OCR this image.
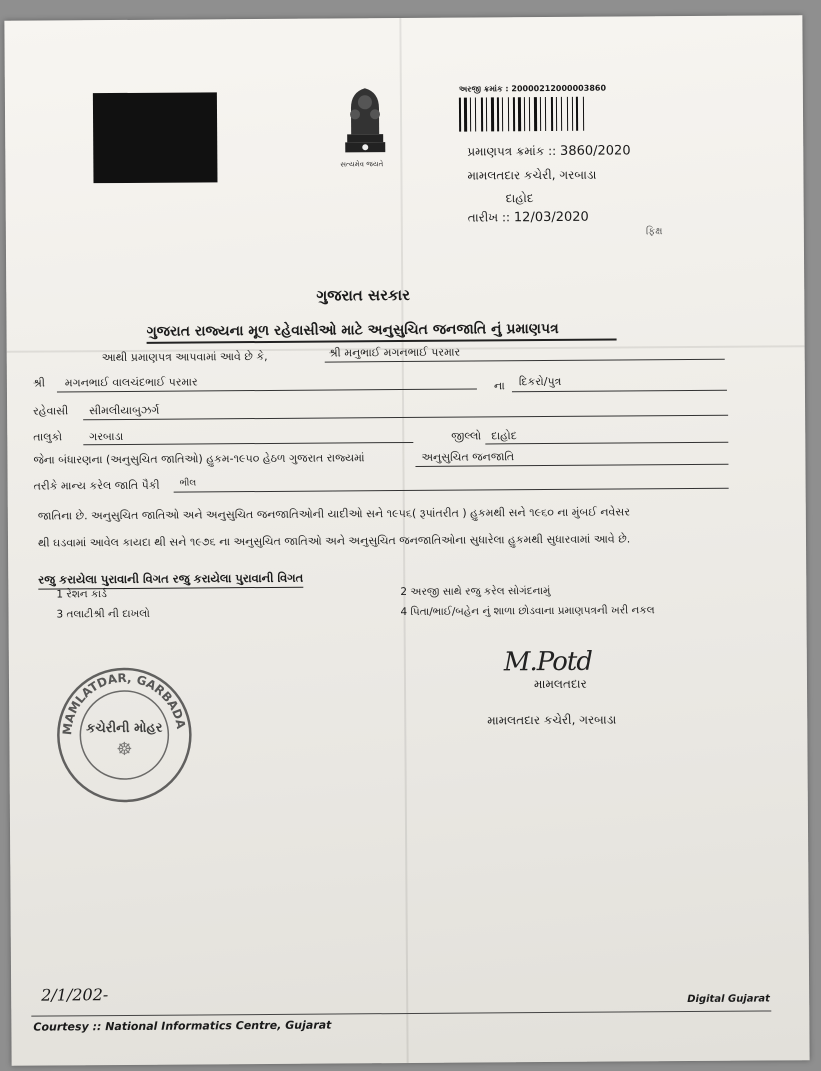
સત્યમેવ જયતે
અરજી ક્રમાંક : 20000212000003860
પ્રમાણપત્ર ક્રમાંક :: 3860/2020
મામલતદાર કચેરી, ગરબાડા
દાહોદ
તારીખ :: 12/03/2020
ફિક્ષ
ગુજરાત સરકાર
ગુજરાત રાજ્યના મૂળ રહેવાસીઓ માટે અનુસુચિત જનજાતિ નું પ્રમાણપત્ર
આથી પ્રમાણપત્ર આપવામાં આવે છે કે,	શ્રી મનુભાઈ મગનભાઈ પરમાર
શ્રી મગનભાઈ વાલચંદભાઈ પરમાર	ના દિકરો/પુત્ર
રહેવાસી સીમલીયાબુઝર્ગ
તાલુકો ગરબાડા	જીલ્લો દાહોદ
જેના બંધારણના (અનુસુચિત જાતિઓ) હુકમ-૧૯૫૦ હેઠળ ગુજરાત રાજ્યમાં	અનુસુચિત જનજાતિ
તરીકે માન્ય કરેલ જાતિ પૈકી ભીલ
જાતિના છે. અનુસુચિત જાતિઓ અને અનુસુચિત જનજાતિઓની યાદીઓ સને ૧૯૫૬( રૂપાંતરીત ) હુકમથી સને ૧૯૬૦ ના મુંબઈ નવેસર
થી ઘડવામાં આવેલ કાયદા થી સને ૧૯૭૬ ના અનુસુચિત જાતિઓ અને અનુસુચિત જનજાતિઓના સુધારેલા હુકમથી સુધારવામાં આવે છે.
રજુ કરાયેલા પુરાવાની વિગત રજુ કરાયેલા પુરાવાની વિગત
1 રેશન કાર્ડ	2 અરજી સાથે રજુ કરેલ સોગંદનામું
3 તલાટીશ્રી ની દાખલો	4 પિતા/ભાઈ/બહેન નું શાળા છોડવાના પ્રમાણપત્રની ખરી નકલ
M.Potd
મામલતદાર
મામલતદાર કચેરી, ગરબાડા
MAMLATDAR, GARBADA
કચેરીની મોહર
☸
2/1/202-	Digital Gujarat
Courtesy :: National Informatics Centre, Gujarat
